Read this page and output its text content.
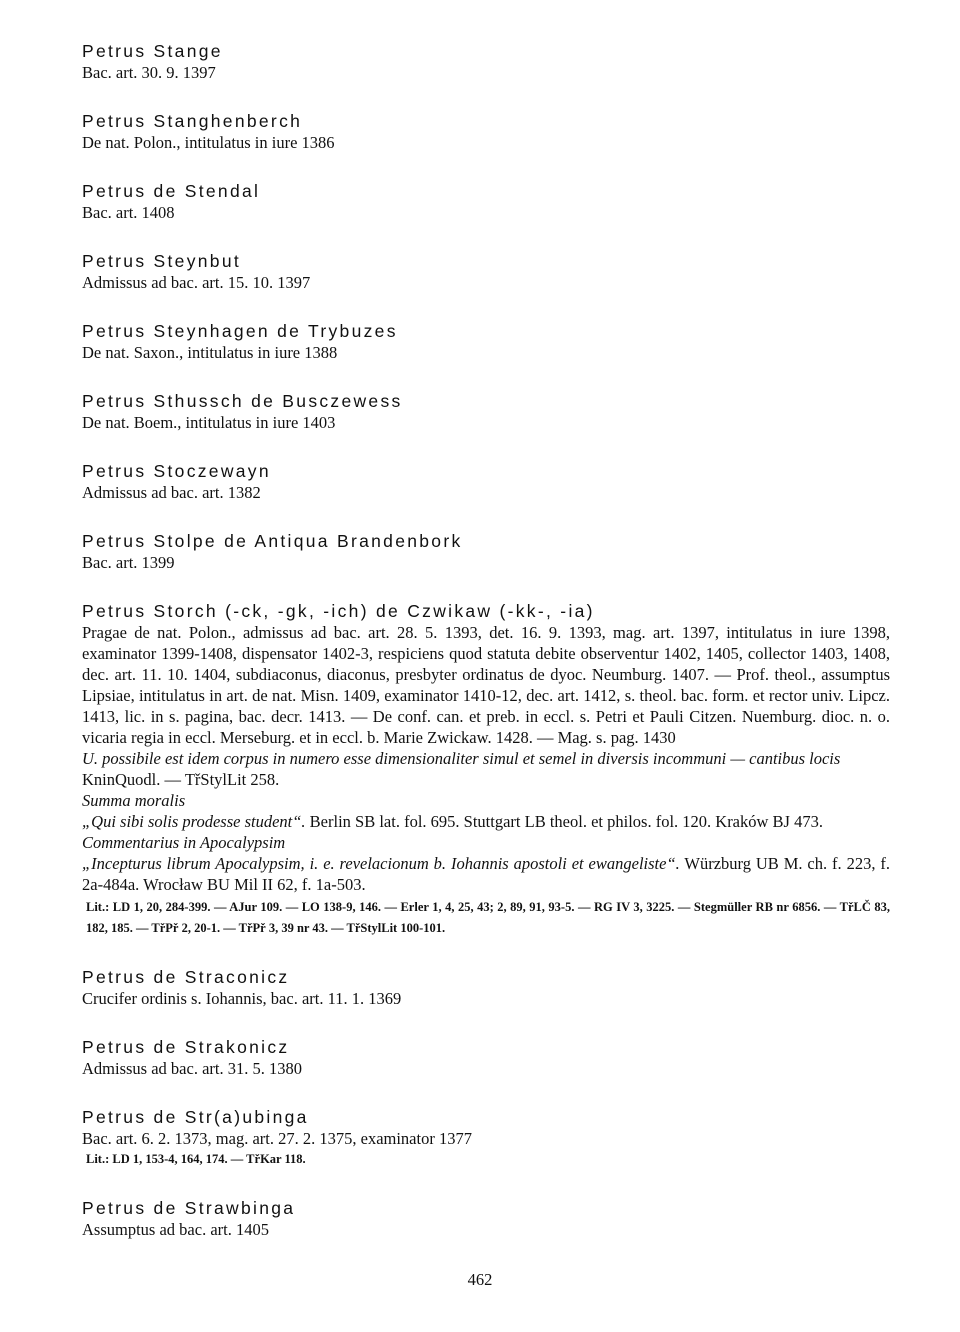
Petrus Stange
Bac. art. 30. 9. 1397
Petrus Stanghenberch
De nat. Polon., intitulatus in iure 1386
Petrus de Stendal
Bac. art. 1408
Petrus Steynbut
Admissus ad bac. art. 15. 10. 1397
Petrus Steynhagen de Trybuzes
De nat. Saxon., intitulatus in iure 1388
Petrus Sthussch de Busczewess
De nat. Boem., intitulatus in iure 1403
Petrus Stoczewayn
Admissus ad bac. art. 1382
Petrus Stolpe de Antiqua Brandenbork
Bac. art. 1399
Petrus Storch (-ck, -gk, -ich) de Czwikaw (-kk-, -ia)

Pragae de nat. Polon., admissus ad bac. art. 28. 5. 1393, det. 16. 9. 1393, mag. art. 1397, intitulatus in iure 1398, examinator 1399-1408, dispensator 1402-3, respiciens quod statuta debite observentur 1402, 1405, collector 1403, 1408, dec. art. 11. 10. 1404, subdiaconus, diaconus, presbyter ordinatus de dyoc. Neumburg. 1407. — Prof. theol., assumptus Lipsiae, intitulatus in art. de nat. Misn. 1409, examinator 1410-12, dec. art. 1412, s. theol. bac. form. et rector univ. Lipcz. 1413, lic. in s. pagina, bac. decr. 1413. — De conf. can. et preb. in eccl. s. Petri et Pauli Citzen. Nuemburg. dioc. n. o. vicaria regia in eccl. Merseburg. et in eccl. b. Marie Zwickaw. 1428. — Mag. s. pag. 1430

U. possibile est idem corpus in numero esse dimensionaliter simul et semel in diversis incommuni — cantibus locis
KninQuodl. — TřStylLit 258.
Summa moralis

„Qui sibi solis prodesse student“. Berlin SB lat. fol. 695. Stuttgart LB theol. et philos. fol. 120. Kraków BJ 473.

Commentarius in Apocalypsim

„Incepturus librum Apocalypsim, i. e. revelacionum b. Iohannis apostoli et ewangeliste“. Würzburg UB M. ch. f. 223, f. 2a-484a. Wrocław BU Mil II 62, f. 1a-503.

Lit.: LD 1, 20, 284-399. — AJur 109. — LO 138-9, 146. — Erler 1, 4, 25, 43; 2, 89, 91, 93-5. — RG IV 3, 3225. — Stegmüller RB nr 6856. — TřLČ 83, 182, 185. — TřPř 2, 20-1. — TřPř 3, 39 nr 43. — TřStylLit 100-101.

Petrus de Straconicz
Crucifer ordinis s. Iohannis, bac. art. 11. 1. 1369
Petrus de Strakonicz
Admissus ad bac. art. 31. 5. 1380
Petrus de Str(a)ubinga
Bac. art. 6. 2. 1373, mag. art. 27. 2. 1375, examinator 1377
Lit.: LD 1, 153-4, 164, 174. — TřKar 118.
Petrus de Strawbinga
Assumptus ad bac. art. 1405
462
